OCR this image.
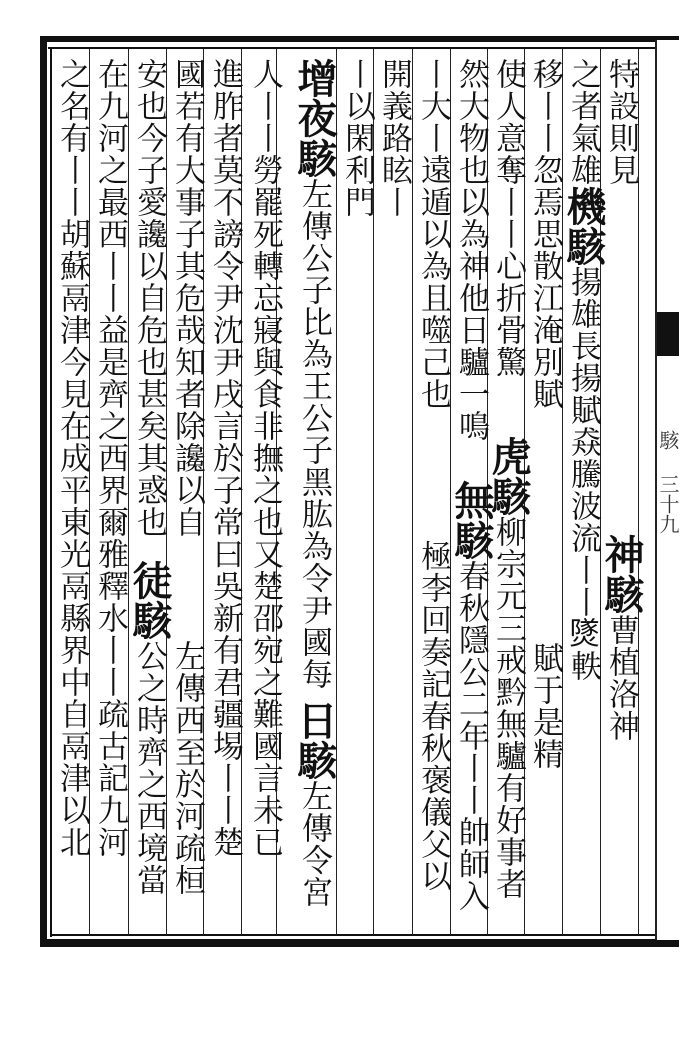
特設則見　　　　　　　　　　　　神駭曹植洛神
之者氣雄機駭揚雄長揚賦猋騰波流丨丨𤎩軼
移丨丨忽焉思散江淹別賦　　　　　　　　賦于是精
使人意奪丨丨心折骨驚
然大物也以為神他日驢一鳴
虎駭柳宗元三戒黔無驢有好事者
丨大丨遠遁以為且噬己也
無駭春秋隱公二年丨丨帥師入
極李回奏記春秋褒儀父以
開義路眩丨
丨以閑利門
增夜駭左傳公子比為王公子黑肱為令尹國每
人丨丨勞罷死轉忘寢與食非撫之也又楚邵宛之難國言未已
進胙者莫不謗令尹沈尹戌言於子常曰吳新有君疆埸丨丨楚
國若有大事子其危哉知者除讒以自
安也今子愛讒以自危也甚矣其惑也
左傳西至於河疏桓
徒駭公之時齊之西境當
在九河之最西丨丨益是齊之西界爾雅釋水丨丨疏古記九河
之名有丨丨胡蘇鬲津今見在成平東光鬲縣界中自鬲津以北	日駭左傳令宮
駭 三十九
